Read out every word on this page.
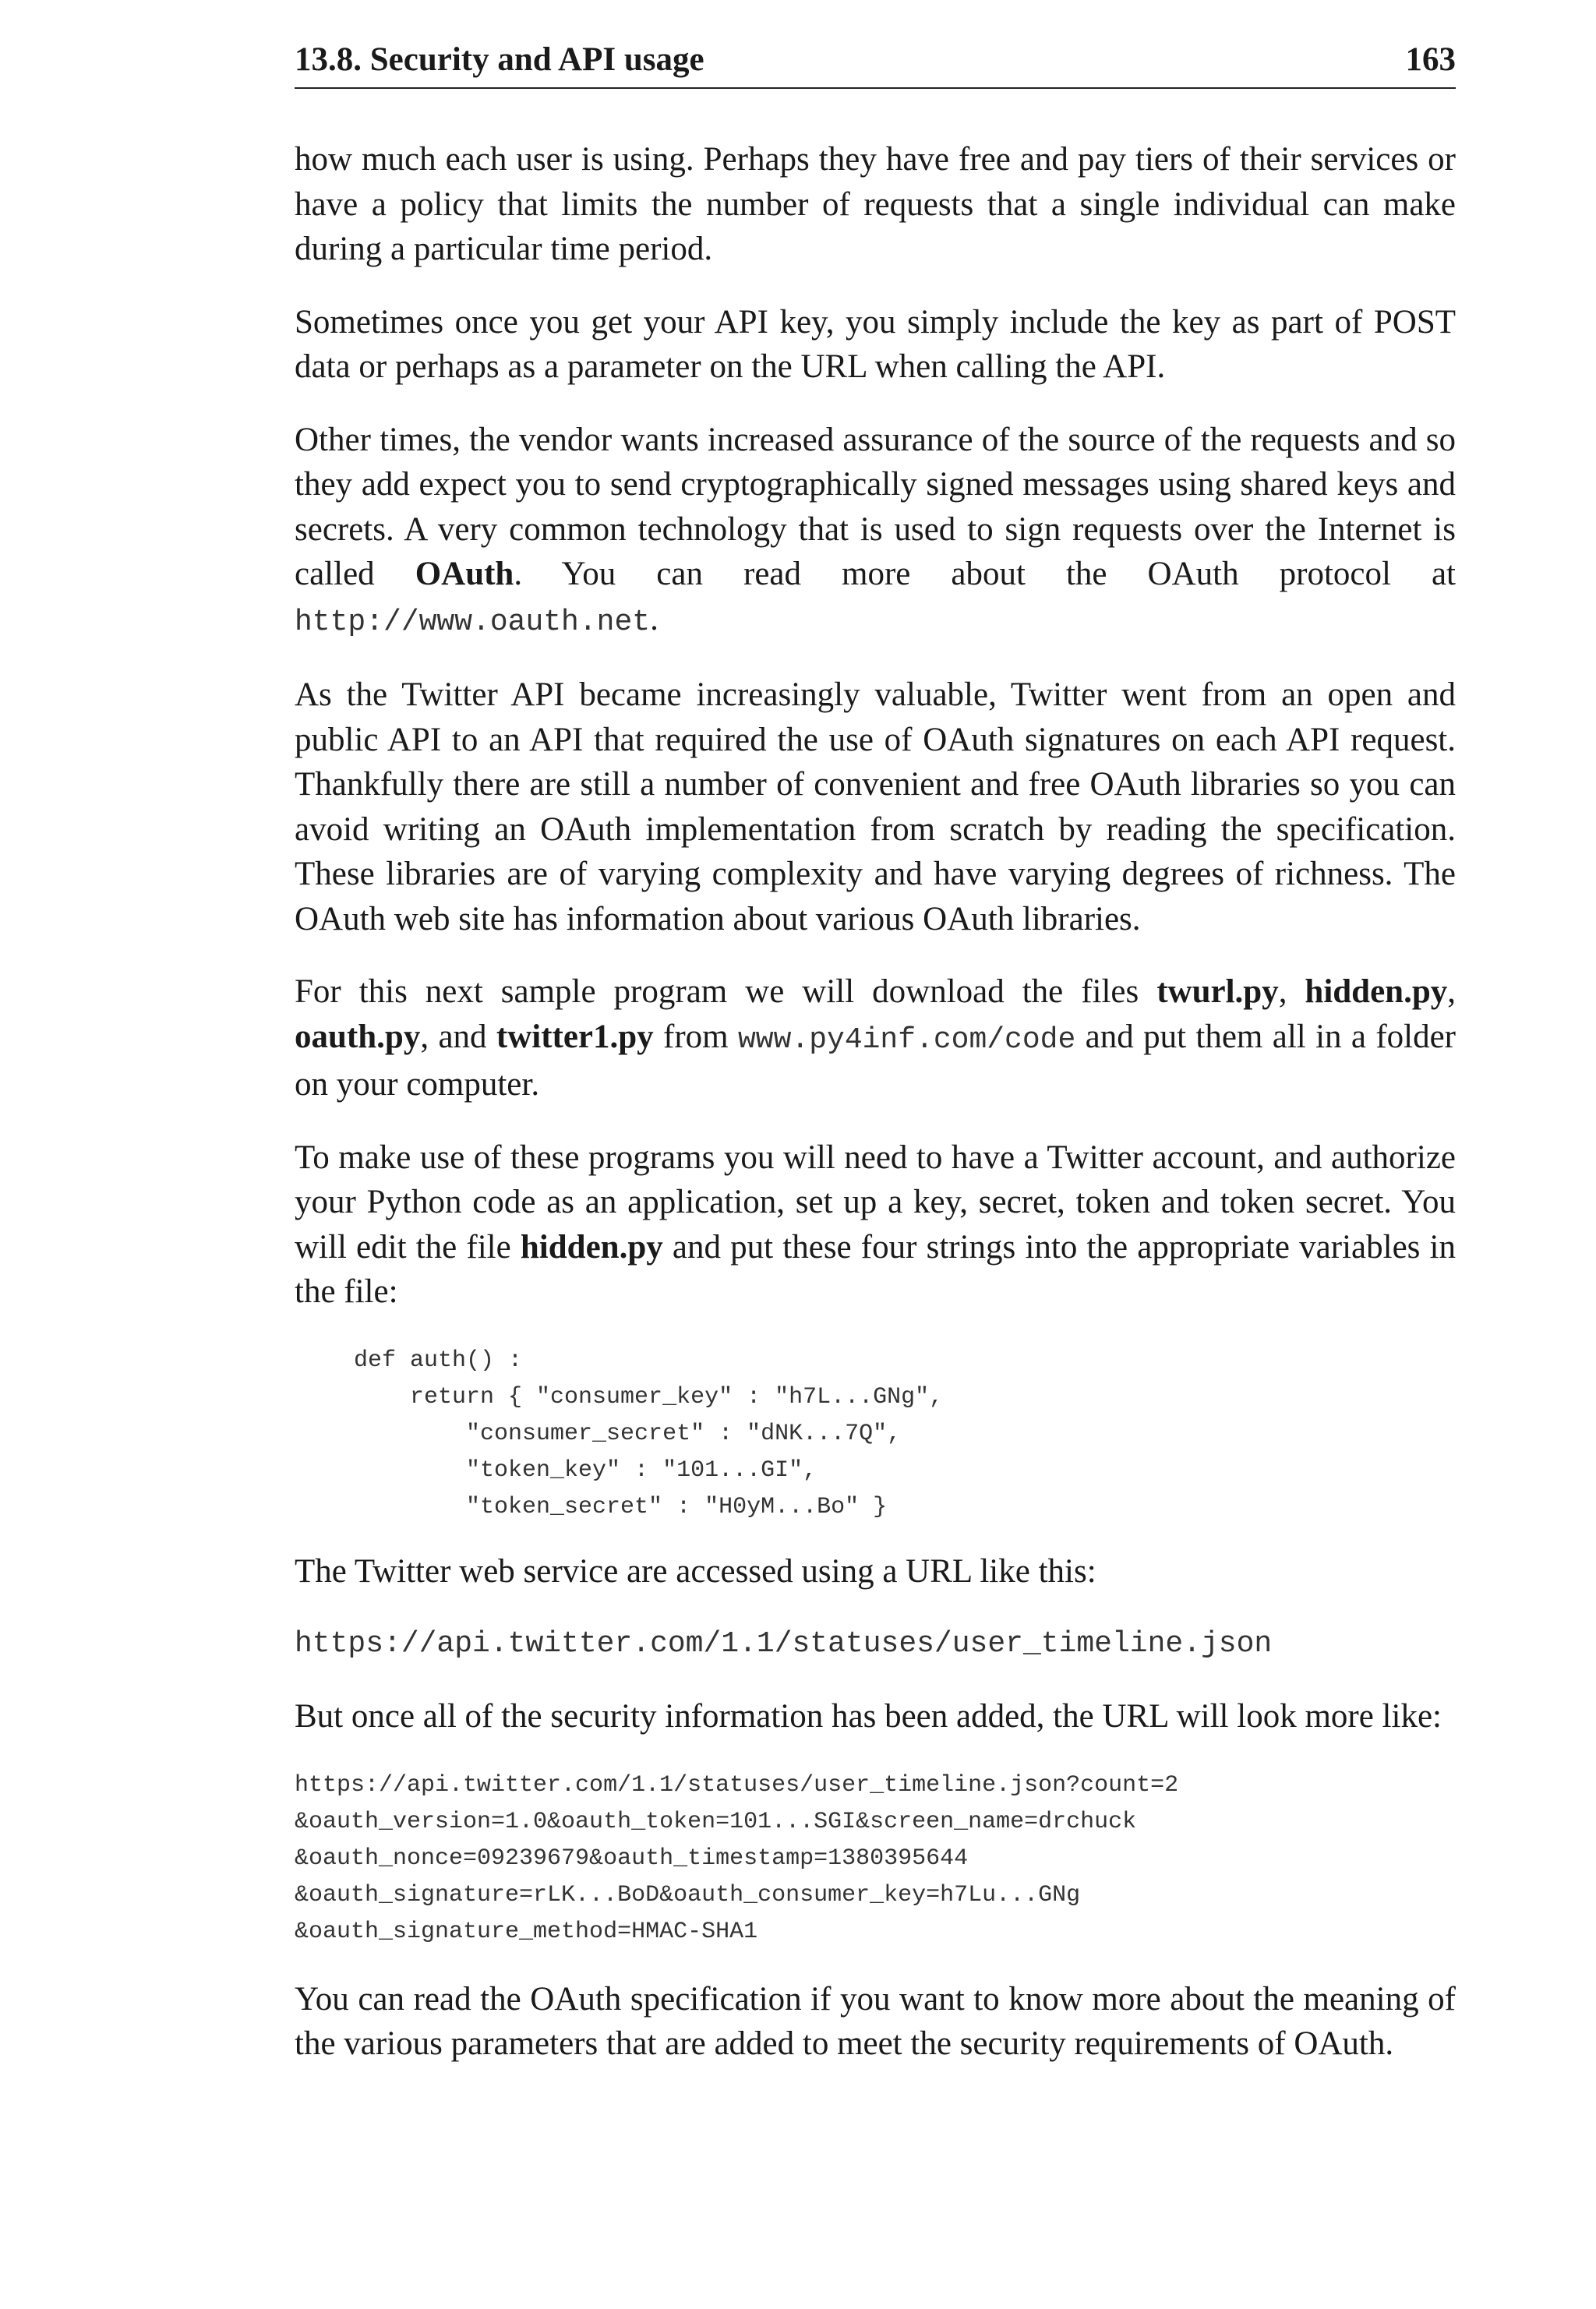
13.8. Security and API usage	163

how much each user is using. Perhaps they have free and pay tiers of their services or have a policy that limits the number of requests that a single individual can make during a particular time period.

Sometimes once you get your API key, you simply include the key as part of POST data or perhaps as a parameter on the URL when calling the API.

Other times, the vendor wants increased assurance of the source of the requests and so they add expect you to send cryptographically signed messages using shared keys and secrets. A very common technology that is used to sign requests over the Internet is called OAuth. You can read more about the OAuth protocol at http://www.oauth.net.

As the Twitter API became increasingly valuable, Twitter went from an open and public API to an API that required the use of OAuth signatures on each API request. Thankfully there are still a number of convenient and free OAuth libraries so you can avoid writing an OAuth implementation from scratch by reading the specification. These libraries are of varying complexity and have varying degrees of richness. The OAuth web site has information about various OAuth libraries.

For this next sample program we will download the files twurl.py, hidden.py, oauth.py, and twitter1.py from www.py4inf.com/code and put them all in a folder on your computer.

To make use of these programs you will need to have a Twitter account, and authorize your Python code as an application, set up a key, secret, token and token secret. You will edit the file hidden.py and put these four strings into the appropriate variables in the file:

def auth() :
return { "consumer_key" : "h7L...GNg",
"consumer_secret" : "dNK...7Q",
"token_key" : "101...GI",
"token_secret" : "H0yM...Bo" }

The Twitter web service are accessed using a URL like this:

https://api.twitter.com/1.1/statuses/user_timeline.json

But once all of the security information has been added, the URL will look more like:

https://api.twitter.com/1.1/statuses/user_timeline.json?count=2
&oauth_version=1.0&oauth_token=101...SGI&screen_name=drchuck
&oauth_nonce=09239679&oauth_timestamp=1380395644
&oauth_signature=rLK...BoD&oauth_consumer_key=h7Lu...GNg
&oauth_signature_method=HMAC-SHA1

You can read the OAuth specification if you want to know more about the meaning of the various parameters that are added to meet the security requirements of OAuth.
